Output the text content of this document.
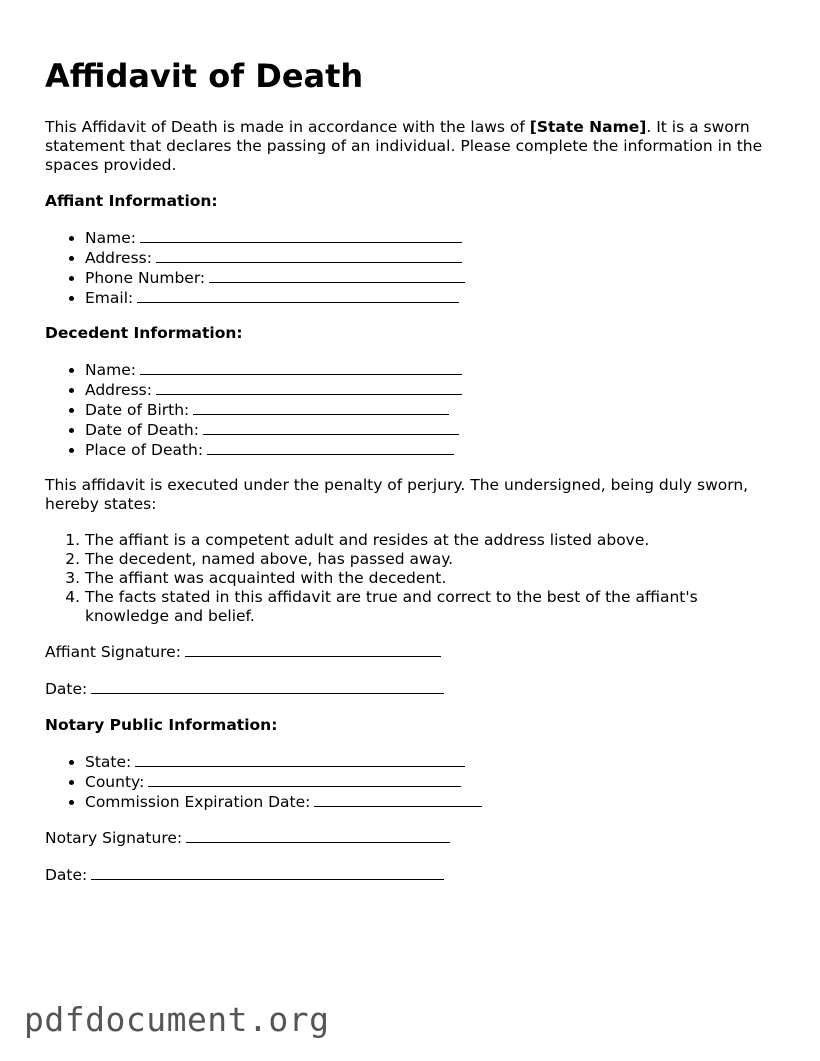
Affidavit of Death

This Affidavit of Death is made in accordance with the laws of [State Name]. It is a sworn statement that declares the passing of an individual. Please complete the information in the spaces provided.

Affiant Information:
• Name:
• Address:
• Phone Number:
• Email:
Decedent Information:
• Name:
• Address:
• Date of Birth:
• Date of Death:
• Place of Death:

This affidavit is executed under the penalty of perjury. The undersigned, being duly sworn, hereby states:

1. The affiant is a competent adult and resides at the address listed above.
2. The decedent, named above, has passed away.
3. The affiant was acquainted with the decedent.
4. The facts stated in this affidavit are true and correct to the best of the affiant's knowledge and belief.
Affiant Signature:
Date:
Notary Public Information:
• State:
• County:
• Commission Expiration Date:
Notary Signature:
Date:
pdfdocument.org
